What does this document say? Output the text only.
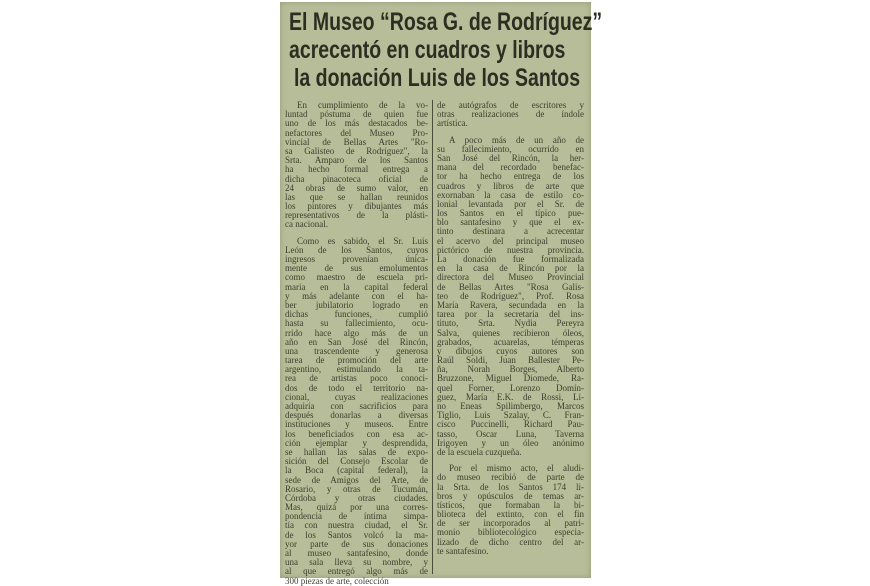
El Museo “Rosa G. de Rodríguez”
acrecentó en cuadros y libros
la donación Luis de los Santos
En cumplimiento de la vo-
luntad póstuma de quien fue
uno de los más destacados be-
nefactores del Museo Pro-
vincial de Bellas Artes "Ro-
sa Galisteo de Rodríguez", la
Srta. Amparo de los Santos
ha hecho formal entrega a
dicha pinacoteca oficial de
24 obras de sumo valor, en
las que se hallan reunidos
los pintores y dibujantes más
representativos de la plásti-
ca nacional.
Como es sabido, el Sr. Luis
León de los Santos, cuyos
ingresos provenían única-
mente de sus emolumentos
como maestro de escuela pri-
maria en la capital federal
y más adelante con el ha-
ber jubilatorio logrado en
dichas funciones, cumplió
hasta su fallecimiento, ocu-
rrido hace algo más de un
año en San José del Rincón,
una trascendente y generosa
tarea de promoción del arte
argentino, estimulando la ta-
rea de artistas poco conoci-
dos de todo el territorio na-
cional, cuyas realizaciones
adquiría con sacrificios para
después donarlas a diversas
instituciones y museos. Entre
los beneficiados con esa ac-
ción ejemplar y desprendida,
se hallan las salas de expo-
sición del Consejo Escolar de
la Boca (capital federal), la
sede de Amigos del Arte, de
Rosario, y otras de Tucumán,
Córdoba y otras ciudades.
Mas, quizá por una corres-
pondencia de íntima simpa-
tía con nuestra ciudad, el Sr.
de los Santos volcó la ma-
yor parte de sus donaciones
al museo santafesino, donde
una sala lleva su nombre, y
al que entregó algo más de
300 piezas de arte, colección
de autógrafos de escritores y
otras realizaciones de índole
artística.
A poco más de un año de
su fallecimiento, ocurrido en
San José del Rincón, la her-
mana del recordado benefac-
tor ha hecho entrega de los
cuadros y libros de arte que
exornaban la casa de estilo co-
lonial levantada por el Sr. de
los Santos en el típico pue-
blo santafesino y que el ex-
tinto destinara a acrecentar
el acervo del principal museo
pictórico de nuestra provincia.
La donación fue formalizada
en la casa de Rincón por la
directora del Museo Provincial
de Bellas Artes "Rosa Galis-
teo de Rodríguez", Prof. Rosa
María Ravera, secundada en la
tarea por la secretaria del ins-
tituto, Srta. Nydia Pereyra
Salva, quienes recibieron óleos,
grabados, acuarelas, témperas
y dibujos cuyos autores son
Raúl Soldi, Juan Ballester Pe-
ña, Norah Borges, Alberto
Bruzzone, Miguel Diomede, Ra-
quel Forner, Lorenzo Domín-
guez, María E.K. de Rossi, Li-
no Eneas Spilimbergo, Marcos
Tiglio, Luis Szalay, C. Fran-
cisco Puccinelli, Richard Pau-
tasso, Oscar Luna, Taverna
Irigoyen y un óleo anónimo
de la escuela cuzqueña.
Por el mismo acto, el aludi-
do museo recibió de parte de
la Srta. de los Santos 174 li-
bros y opúsculos de temas ar-
tísticos, que formaban la bi-
blioteca del extinto, con el fin
de ser incorporados al patri-
monio bibliotecológico especia-
lizado de dicho centro del ar-
te santafesino.
